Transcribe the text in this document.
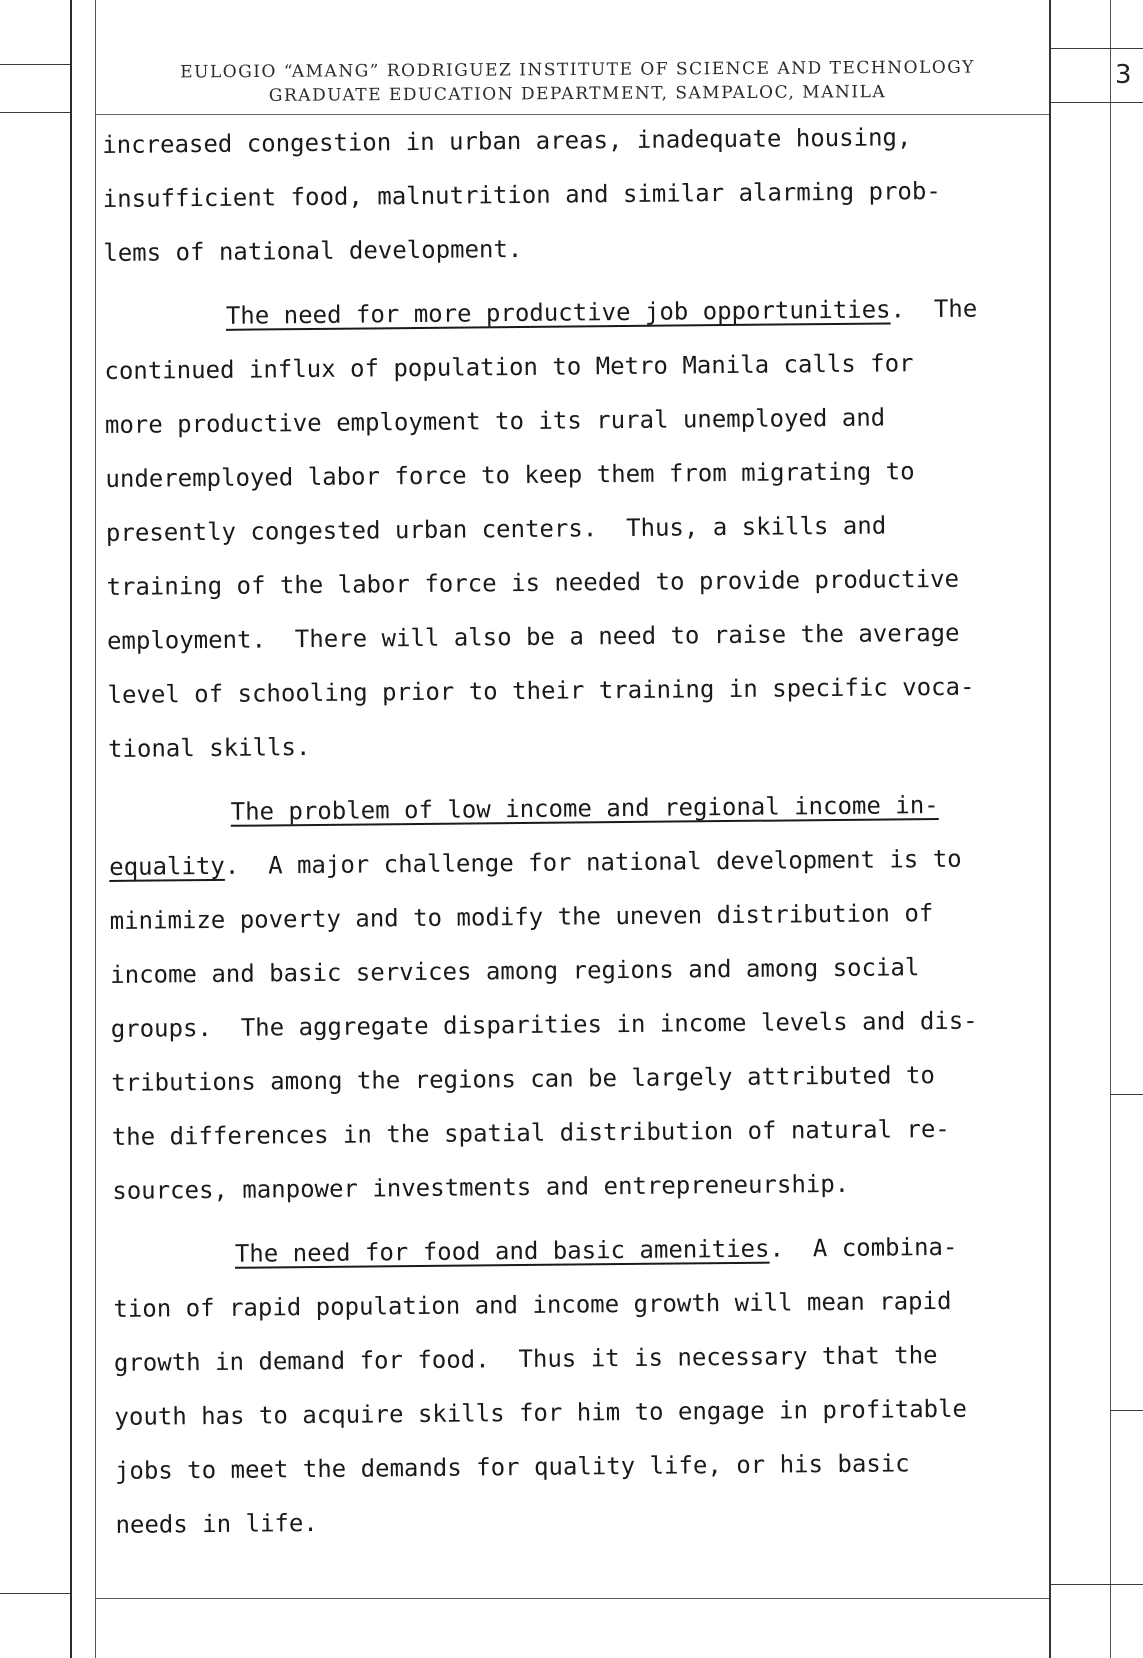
EULOGIO “AMANG” RODRIGUEZ INSTITUTE OF SCIENCE AND TECHNOLOGY
GRADUATE EDUCATION DEPARTMENT, SAMPALOC, MANILA
3
increased congestion in urban areas, inadequate housing,
insufficient food, malnutrition and similar alarming prob-
lems of national development.
The need for more productive job opportunities.  The
continued influx of population to Metro Manila calls for
more productive employment to its rural unemployed and
underemployed labor force to keep them from migrating to
presently congested urban centers.  Thus, a skills and
training of the labor force is needed to provide productive
employment.  There will also be a need to raise the average
level of schooling prior to their training in specific voca-
tional skills.
The problem of low income and regional income in-
equality.  A major challenge for national development is to
minimize poverty and to modify the uneven distribution of
income and basic services among regions and among social
groups.  The aggregate disparities in income levels and dis-
tributions among the regions can be largely attributed to
the differences in the spatial distribution of natural re-
sources, manpower investments and entrepreneurship.
The need for food and basic amenities.  A combina-
tion of rapid population and income growth will mean rapid
growth in demand for food.  Thus it is necessary that the
youth has to acquire skills for him to engage in profitable
jobs to meet the demands for quality life, or his basic
needs in life.
